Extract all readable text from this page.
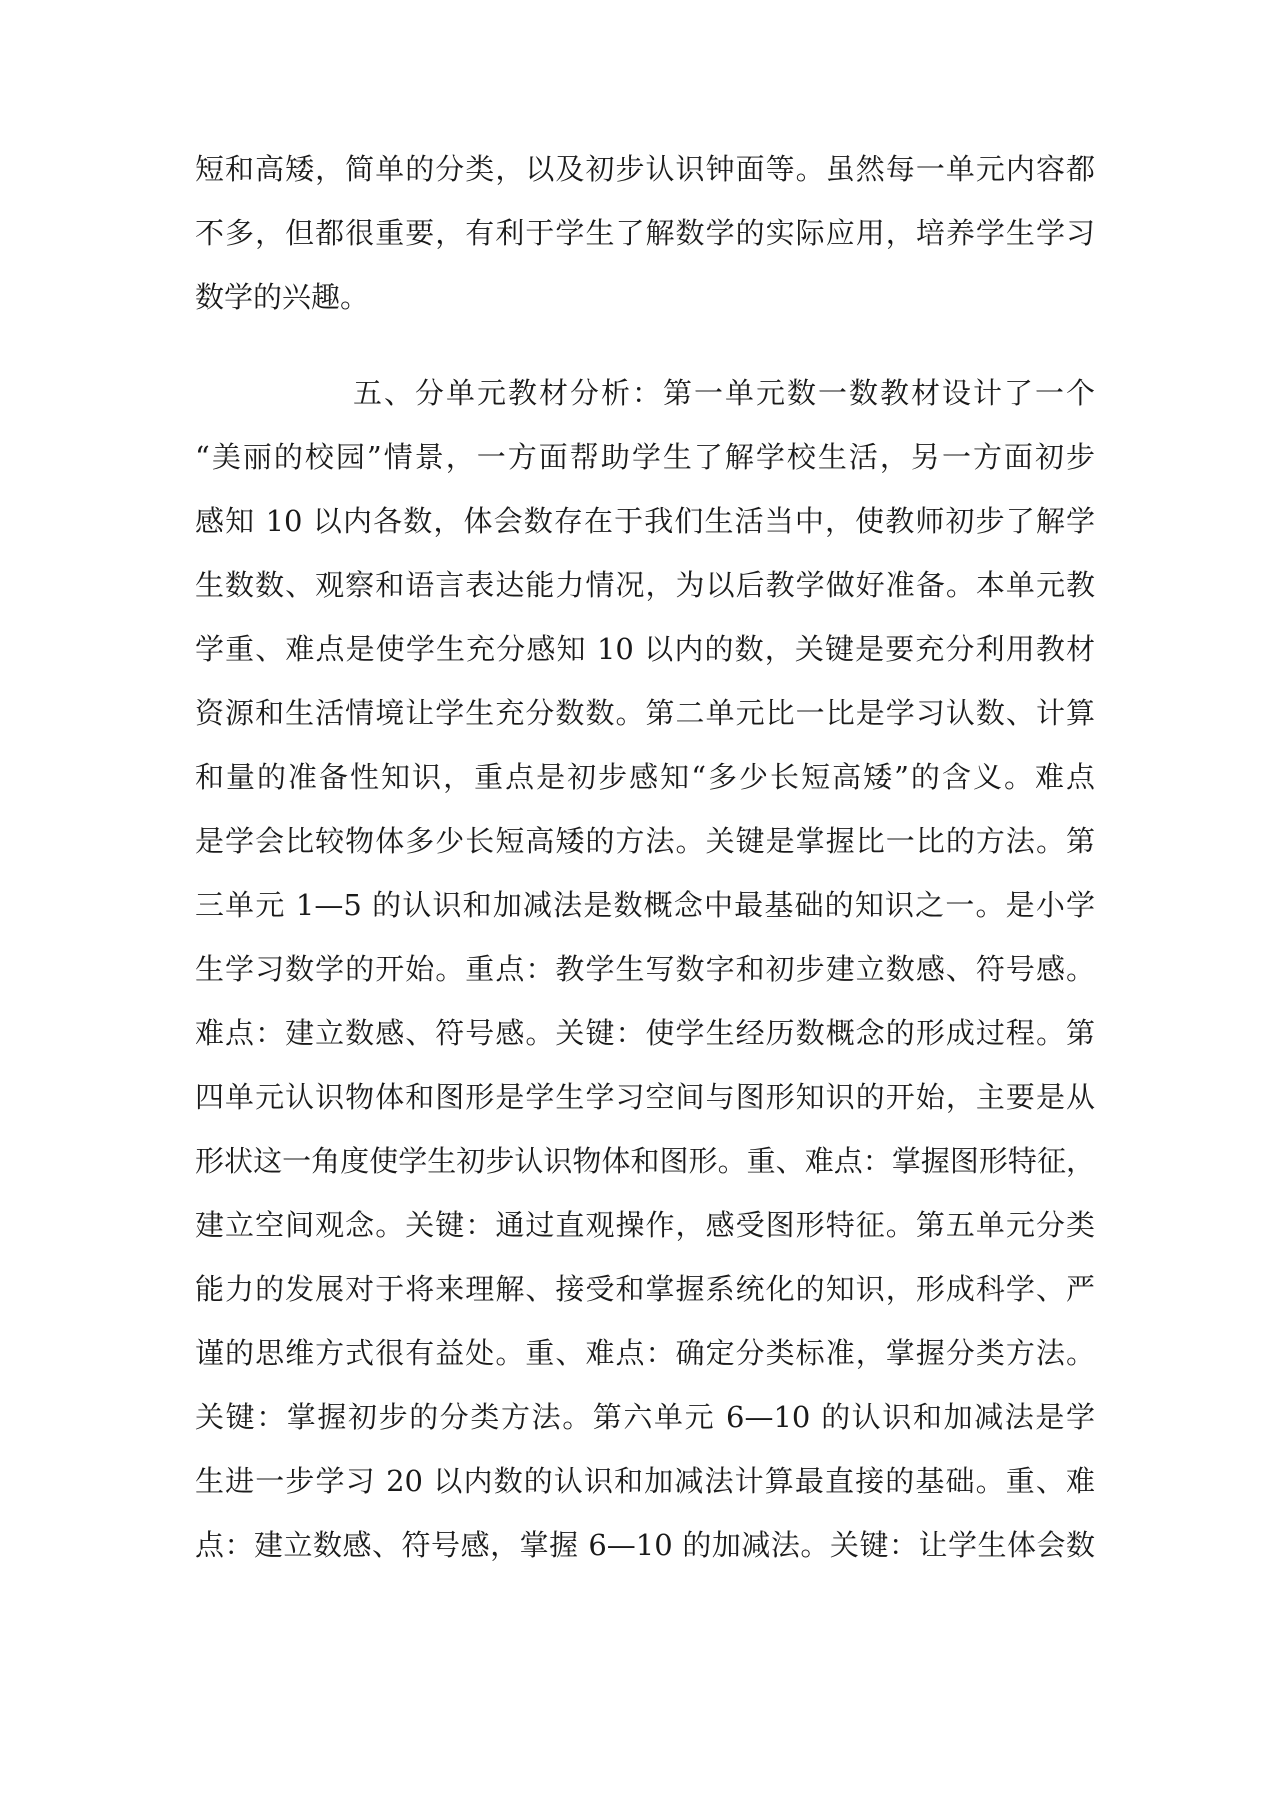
短和高矮，简单的分类，以及初步认识钟面等。虽然每一单元内容都
不多，但都很重要，有利于学生了解数学的实际应用，培养学生学习
数学的兴趣。
五、分单元教材分析：第一单元数一数教材设计了一个
“美丽的校园”情景，一方面帮助学生了解学校生活，另一方面初步
感知 10 以内各数，体会数存在于我们生活当中，使教师初步了解学
生数数、观察和语言表达能力情况，为以后教学做好准备。本单元教
学重、难点是使学生充分感知 10 以内的数，关键是要充分利用教材
资源和生活情境让学生充分数数。第二单元比一比是学习认数、计算
和量的准备性知识，重点是初步感知“多少长短高矮”的含义。难点
是学会比较物体多少长短高矮的方法。关键是掌握比一比的方法。第
三单元 1—5 的认识和加减法是数概念中最基础的知识之一。是小学
生学习数学的开始。重点：教学生写数字和初步建立数感、符号感。
难点：建立数感、符号感。关键：使学生经历数概念的形成过程。第
四单元认识物体和图形是学生学习空间与图形知识的开始，主要是从
形状这一角度使学生初步认识物体和图形。重、难点：掌握图形特征，
建立空间观念。关键：通过直观操作，感受图形特征。第五单元分类
能力的发展对于将来理解、接受和掌握系统化的知识，形成科学、严
谨的思维方式很有益处。重、难点：确定分类标准，掌握分类方法。
关键：掌握初步的分类方法。第六单元 6—10 的认识和加减法是学
生进一步学习 20 以内数的认识和加减法计算最直接的基础。重、难
点：建立数感、符号感，掌握 6—10 的加减法。关键：让学生体会数
